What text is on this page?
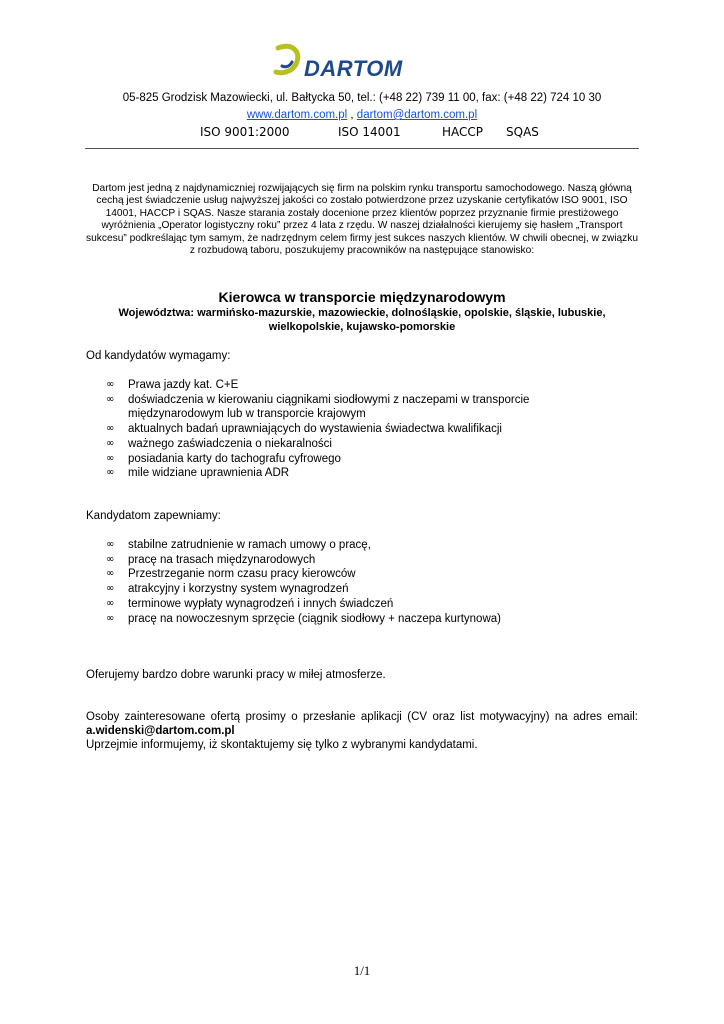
DARTOM
05-825 Grodzisk Mazowiecki, ul. Bałtycka 50, tel.: (+48 22) 739 11 00, fax: (+48 22) 724 10 30
www.dartom.com.pl , dartom@dartom.com.pl
ISO 9001:2000	ISO 14001	HACCP SQAS
Dartom jest jedną z najdynamiczniej rozwijających się firm na polskim rynku transportu samochodowego. Naszą główną cechą jest świadczenie usług najwyższej jakości co zostało potwierdzone przez uzyskanie certyfikatów ISO 9001, ISO 14001, HACCP i SQAS. Nasze starania zostały docenione przez klientów poprzez przyznanie firmie prestiżowego wyróżnienia „Operator logistyczny roku” przez 4 lata z rzędu. W naszej działalności kierujemy się hasłem „Transport sukcesu” podkreślając tym samym, że nadrzędnym celem firmy jest sukces naszych klientów. W chwili obecnej, w związku z rozbudową taboru, poszukujemy pracowników na następujące stanowisko:
Kierowca w transporcie międzynarodowym
Województwa: warmińsko-mazurskie, mazowieckie, dolnośląskie, opolskie, śląskie, lubuskie, wielkopolskie, kujawsko-pomorskie
Od kandydatów wymagamy:
∞ Prawa jazdy kat. C+E
∞ doświadczenia w kierowaniu ciągnikami siodłowymi z naczepami w transporcie międzynarodowym lub w transporcie krajowym
∞ aktualnych badań uprawniających do wystawienia świadectwa kwalifikacji
∞ ważnego zaświadczenia o niekaralności
∞ posiadania karty do tachografu cyfrowego
∞ mile widziane uprawnienia ADR
Kandydatom zapewniamy:
∞ stabilne zatrudnienie w ramach umowy o pracę,
∞ pracę na trasach międzynarodowych
∞ Przestrzeganie norm czasu pracy kierowców
∞ atrakcyjny i korzystny system wynagrodzeń
∞ terminowe wypłaty wynagrodzeń i innych świadczeń
∞ pracę na nowoczesnym sprzęcie (ciągnik siodłowy + naczepa kurtynowa)
Oferujemy bardzo dobre warunki pracy w miłej atmosferze.
Osoby zainteresowane ofertą prosimy o przesłanie aplikacji (CV oraz list motywacyjny) na adres email: a.widenski@dartom.com.pl
Uprzejmie informujemy, iż skontaktujemy się tylko z wybranymi kandydatami.
1/1
